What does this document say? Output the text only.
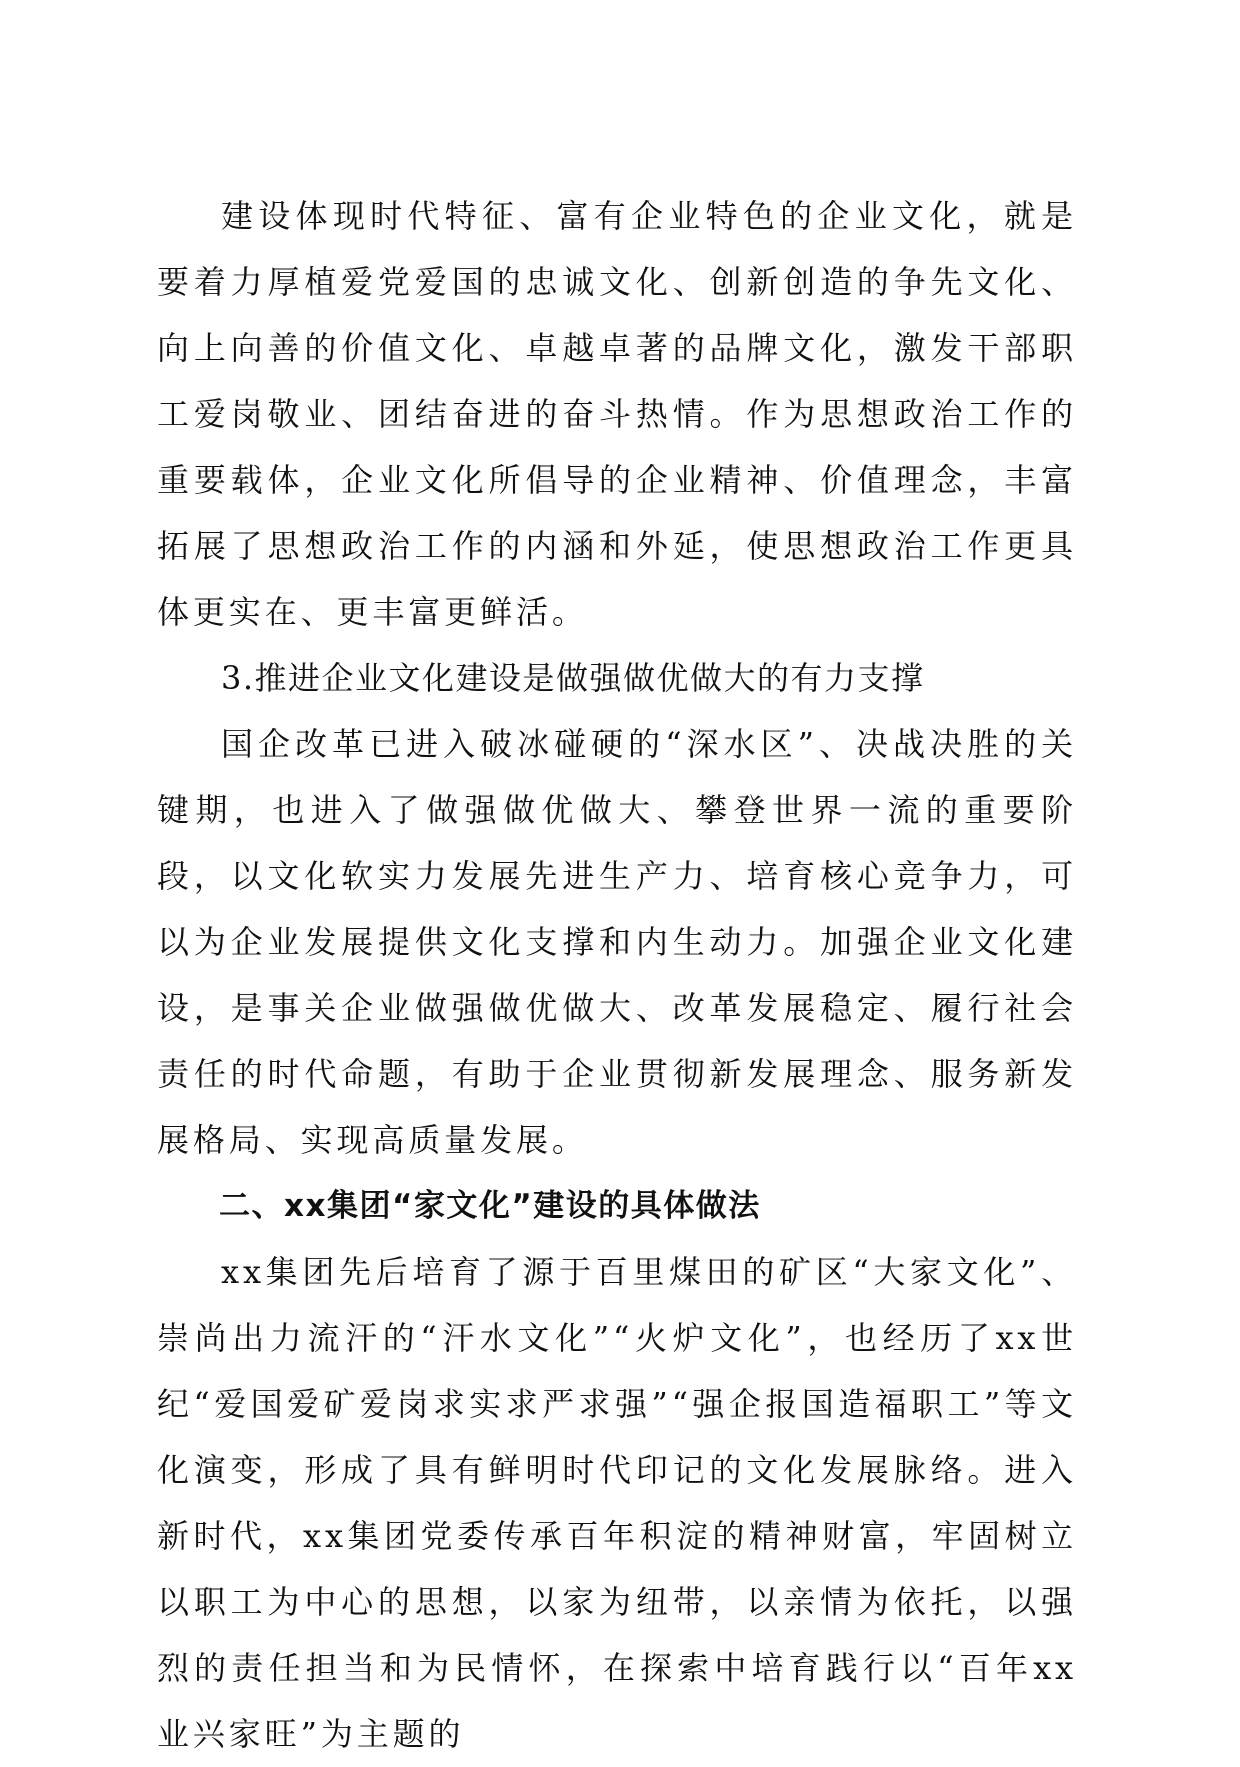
建设体现时代特征、富有企业特色的企业文化，就是要着力厚植爱党爱国的忠诚文化、创新创造的争先文化、向上向善的价值文化、卓越卓著的品牌文化，激发干部职工爱岗敬业、团结奋进的奋斗热情。作为思想政治工作的重要载体，企业文化所倡导的企业精神、价值理念，丰富拓展了思想政治工作的内涵和外延，使思想政治工作更具体更实在、更丰富更鲜活。

3.推进企业文化建设是做强做优做大的有力支撑

国企改革已进入破冰碰硬的“深水区”、决战决胜的关键期，也进入了做强做优做大、攀登世界一流的重要阶段，以文化软实力发展先进生产力、培育核心竞争力，可以为企业发展提供文化支撑和内生动力。加强企业文化建设，是事关企业做强做优做大、改革发展稳定、履行社会责任的时代命题，有助于企业贯彻新发展理念、服务新发展格局、实现高质量发展。

二、xx集团“家文化”建设的具体做法

xx集团先后培育了源于百里煤田的矿区“大家文化”、崇尚出力流汗的“汗水文化”“火炉文化”，也经历了xx世纪“爱国爱矿爱岗求实求严求强”“强企报国造福职工”等文化演变，形成了具有鲜明时代印记的文化发展脉络。进入新时代，xx集团党委传承百年积淀的精神财富，牢固树立以职工为中心的思想，以家为纽带，以亲情为依托，以强烈的责任担当和为民情怀，在探索中培育践行以“百年xx业兴家旺”为主题的
